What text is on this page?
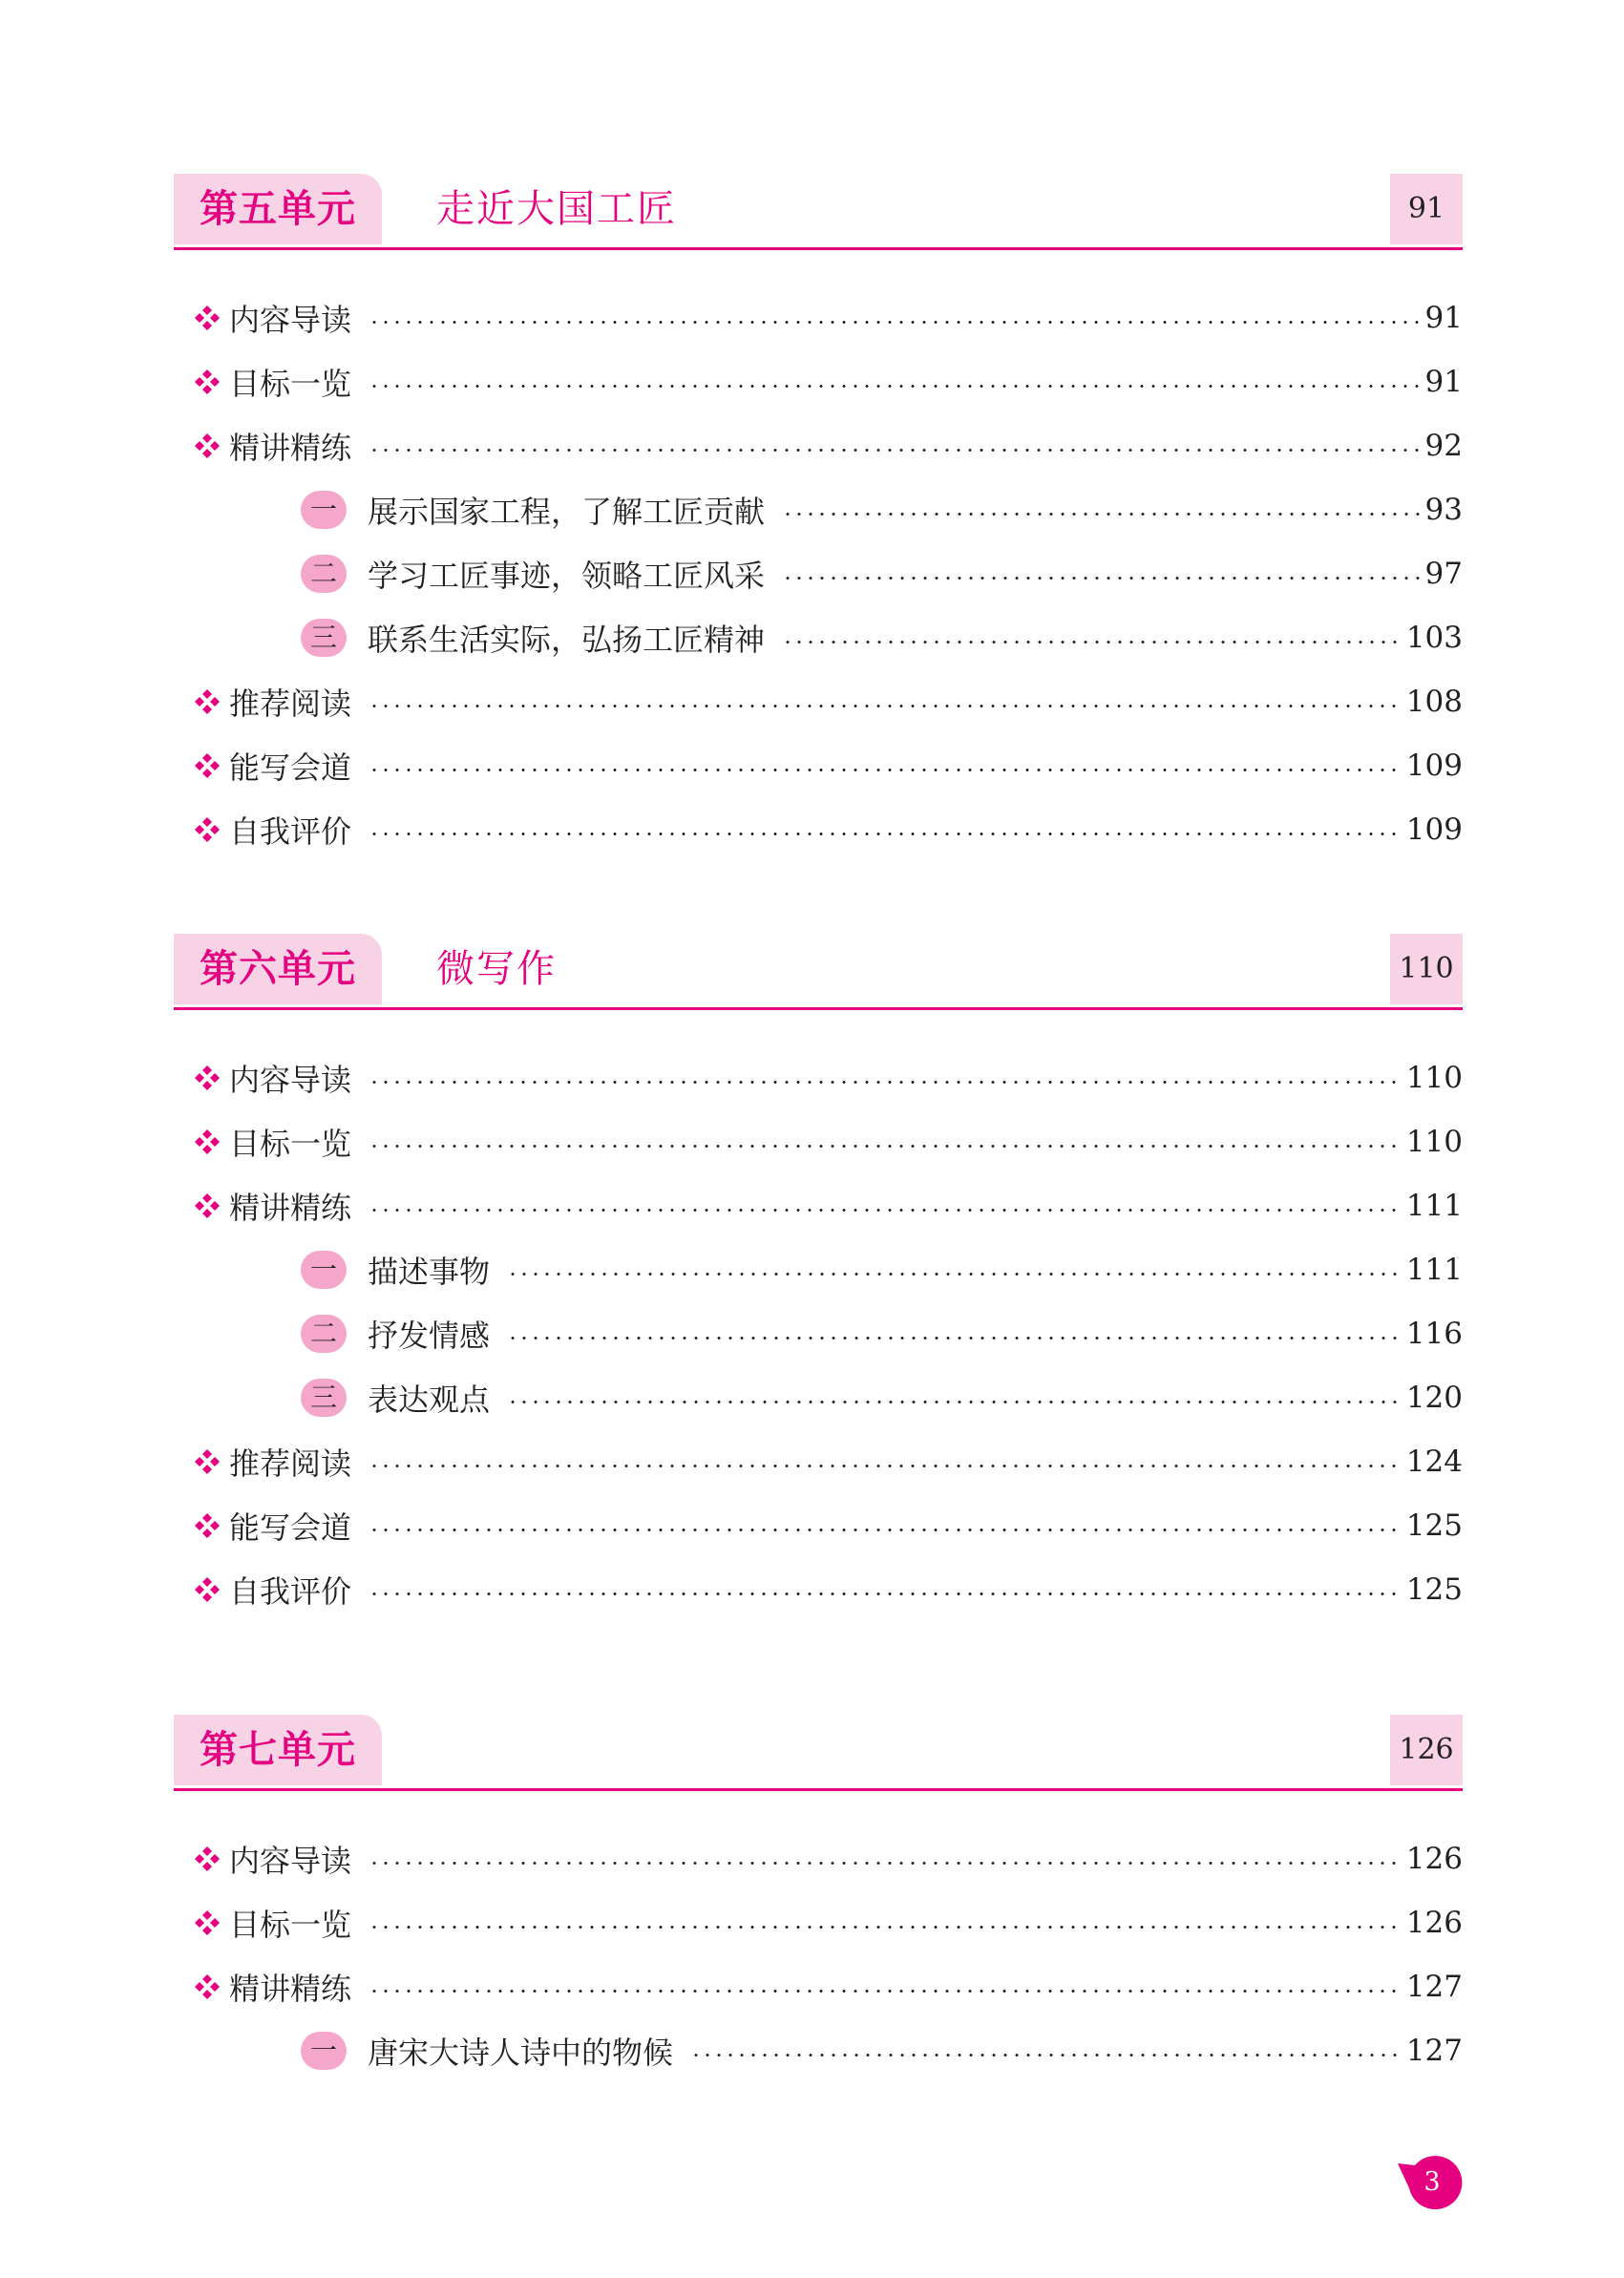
第五单元	走近大国工匠	91
内容导读	91
目标一览	91
精讲精练	92
一	展示国家工程，了解工匠贡献	93
二	学习工匠事迹，领略工匠风采	97
三	联系生活实际，弘扬工匠精神	103
推荐阅读	108
能写会道	109
自我评价	109
第六单元	微写作	110
内容导读	110
目标一览	110
精讲精练	111
一	描述事物	111
二	抒发情感	116
三	表达观点	120
推荐阅读	124
能写会道	125
自我评价	125
第七单元	126
内容导读	126
目标一览	126
精讲精练	127
一	唐宋大诗人诗中的物候	127
3
